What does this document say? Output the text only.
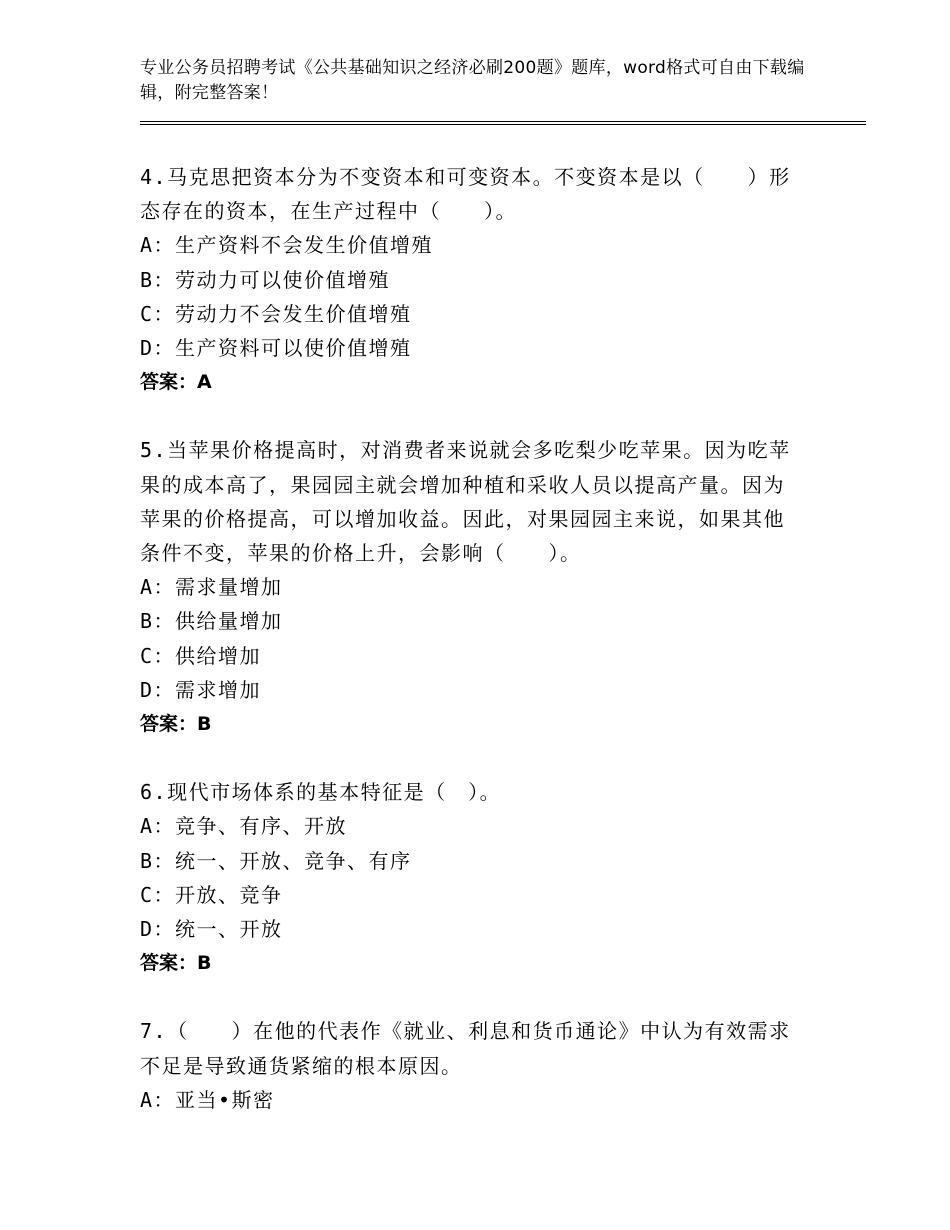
专业公务员招聘考试《公共基础知识之经济必刷200题》题库，word格式可自由下载编辑，附完整答案！

4.马克思把资本分为不变资本和可变资本。不变资本是以（　　）形态存在的资本，在生产过程中（　　）。

A：生产资料不会发生价值增殖

B：劳动力可以使价值增殖

C：劳动力不会发生价值增殖

D：生产资料可以使价值增殖

答案：A

5.当苹果价格提高时，对消费者来说就会多吃梨少吃苹果。因为吃苹果的成本高了，果园园主就会增加种植和采收人员以提高产量。因为苹果的价格提高，可以增加收益。因此，对果园园主来说，如果其他条件不变，苹果的价格上升，会影响（　　）。

A：需求量增加

B：供给量增加

C：供给增加

D：需求增加

答案：B

6.现代市场体系的基本特征是（　）。

A：竞争、有序、开放

B：统一、开放、竞争、有序

C：开放、竞争

D：统一、开放

答案：B

7.（　　）在他的代表作《就业、利息和货币通论》中认为有效需求不足是导致通货紧缩的根本原因。

A：亚当•斯密
